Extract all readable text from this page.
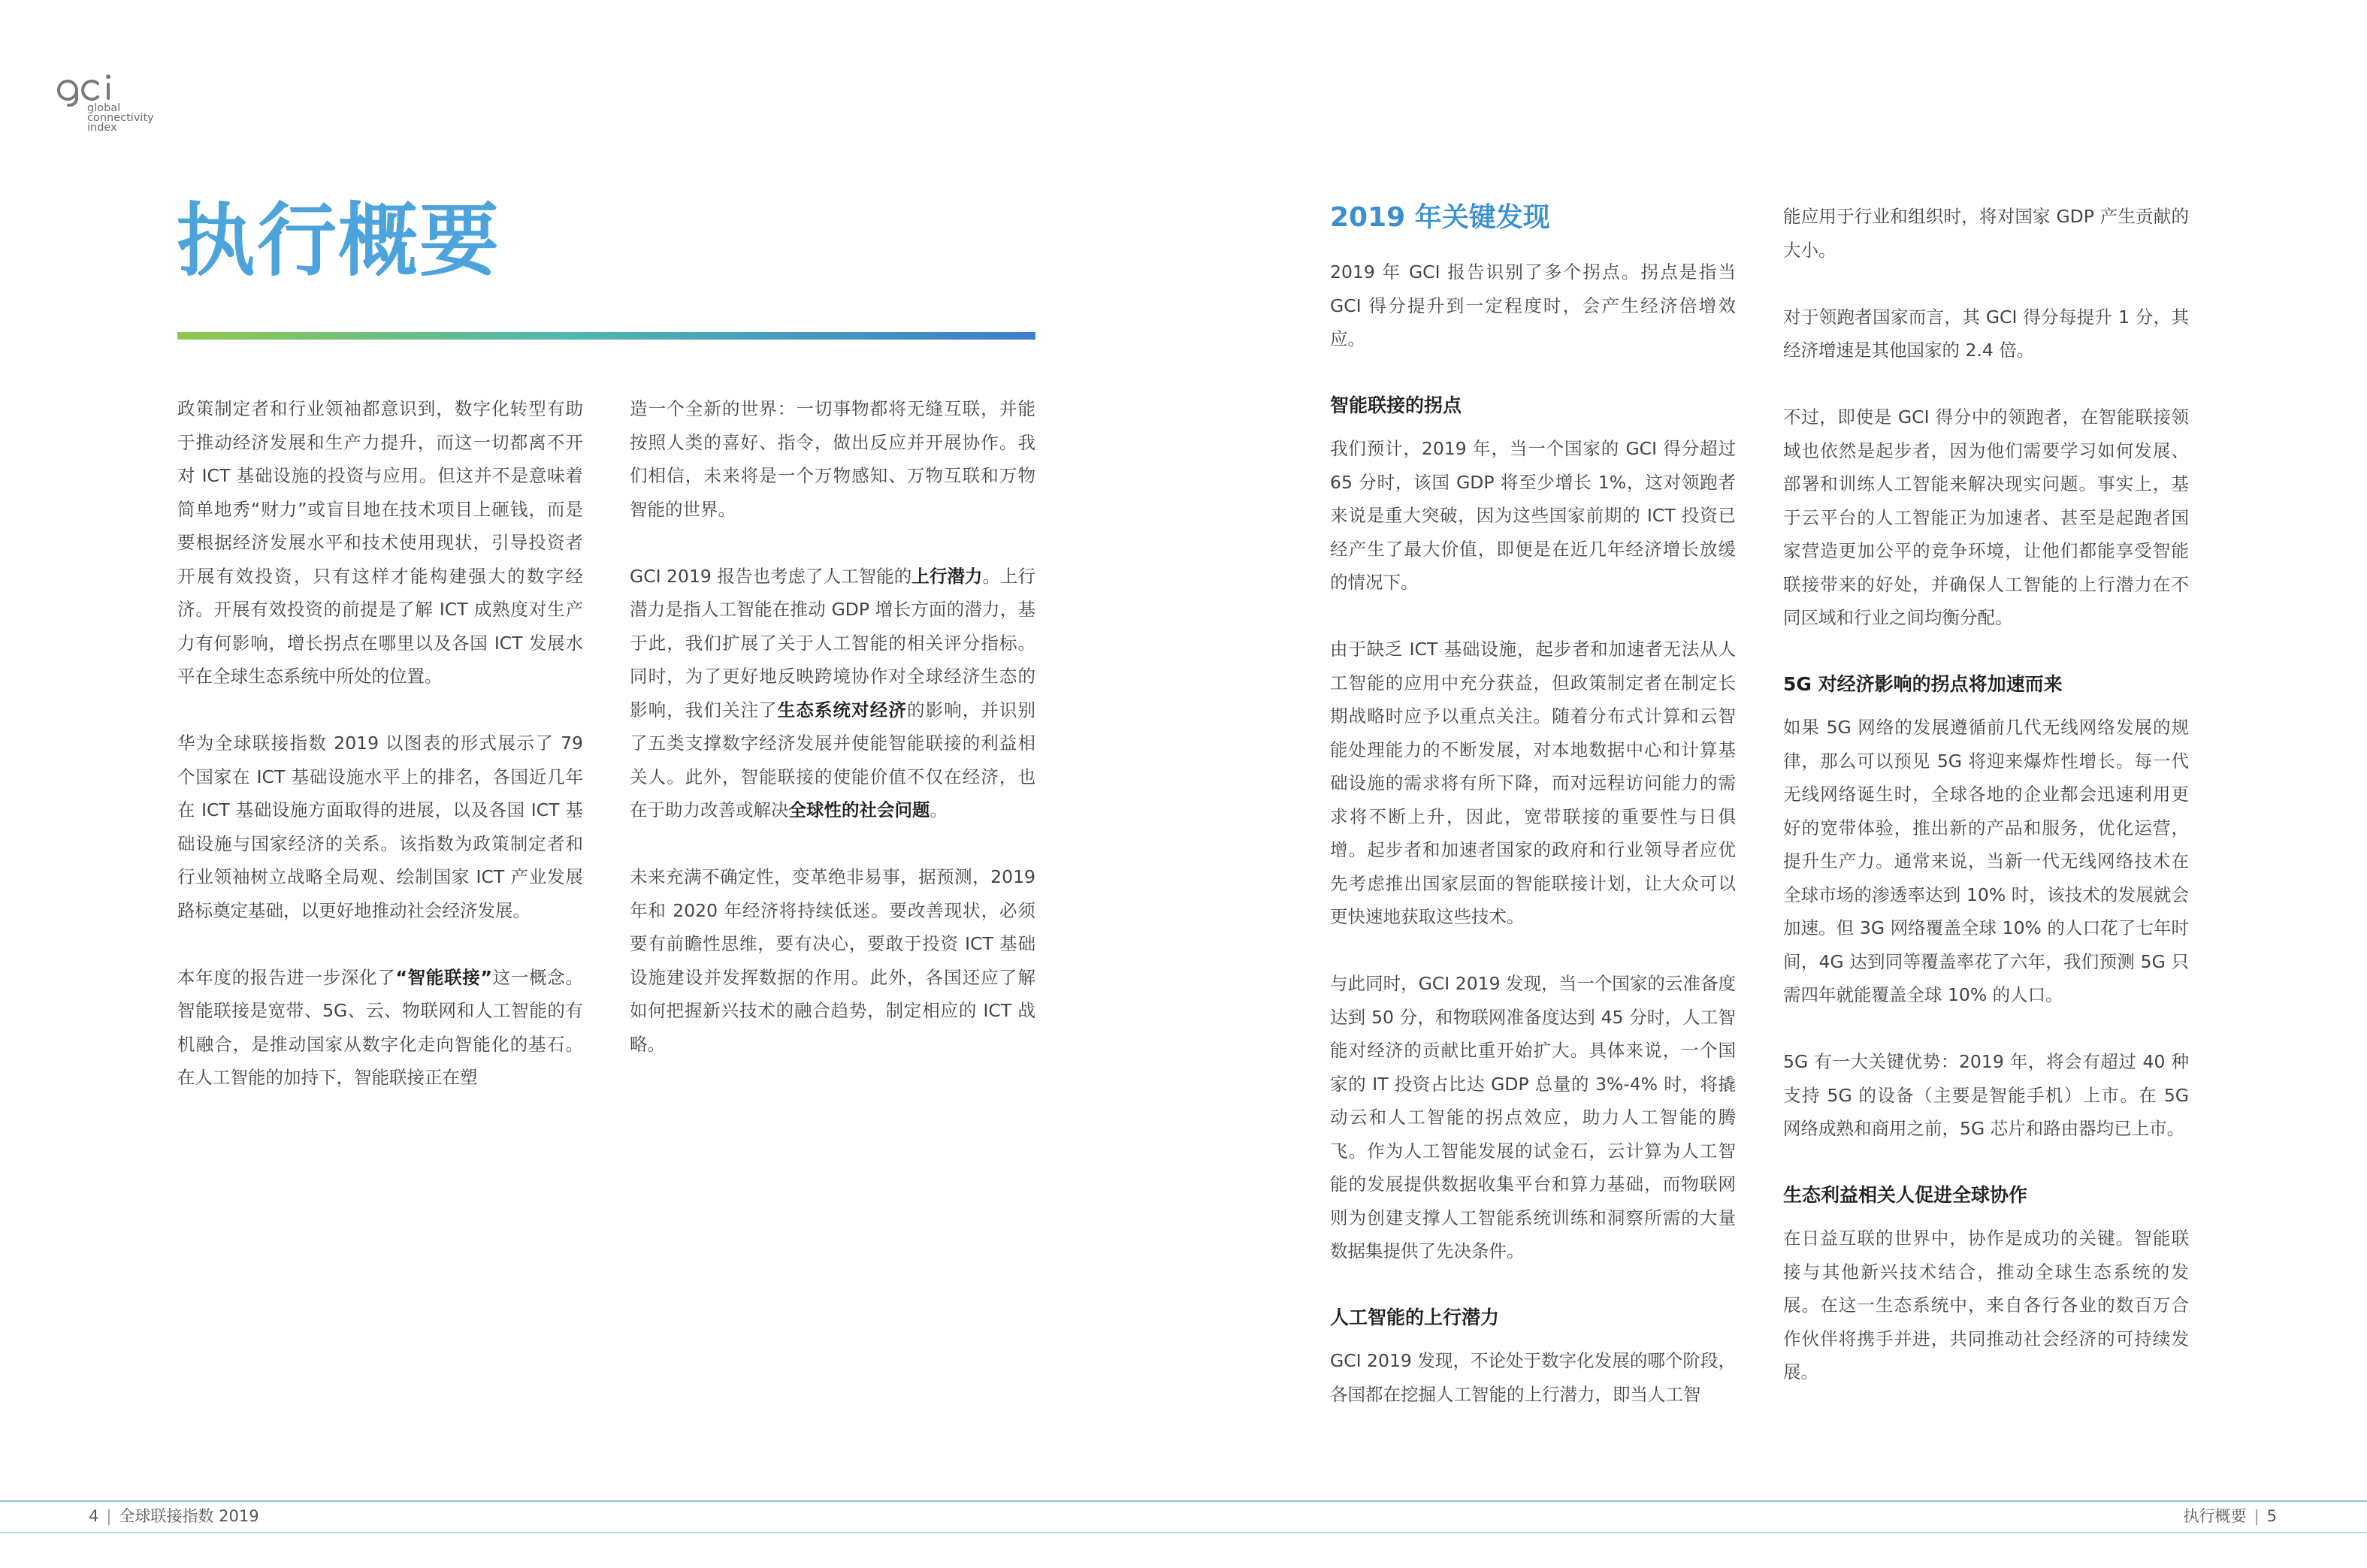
global
connectivity
index
执行概要

政策制定者和行业领袖都意识到，数字化转型有助于推动经济发展和生产力提升，而这一切都离不开对 ICT 基础设施的投资与应用。但这并不是意味着简单地秀“财力”或盲目地在技术项目上砸钱，而是要根据经济发展水平和技术使用现状，引导投资者开展有效投资，只有这样才能构建强大的数字经济。开展有效投资的前提是了解 ICT 成熟度对生产力有何影响，增长拐点在哪里以及各国 ICT 发展水平在全球生态系统中所处的位置。

华为全球联接指数 2019 以图表的形式展示了 79 个国家在 ICT 基础设施水平上的排名，各国近几年在 ICT 基础设施方面取得的进展，以及各国 ICT 基础设施与国家经济的关系。该指数为政策制定者和行业领袖树立战略全局观、绘制国家 ICT 产业发展路标奠定基础，以更好地推动社会经济发展。

本年度的报告进一步深化了“智能联接”这一概念。智能联接是宽带、5G、云、物联网和人工智能的有机融合，是推动国家从数字化走向智能化的基石。在人工智能的加持下，智能联接正在塑

造一个全新的世界：一切事物都将无缝互联，并能按照人类的喜好、指令，做出反应并开展协作。我们相信，未来将是一个万物感知、万物互联和万物智能的世界。

GCI 2019 报告也考虑了人工智能的上行潜力。上行潜力是指人工智能在推动 GDP 增长方面的潜力，基于此，我们扩展了关于人工智能的相关评分指标。同时，为了更好地反映跨境协作对全球经济生态的影响，我们关注了生态系统对经济的影响，并识别了五类支撑数字经济发展并使能智能联接的利益相关人。此外，智能联接的使能价值不仅在经济，也在于助力改善或解决全球性的社会问题。

未来充满不确定性，变革绝非易事，据预测，2019 年和 2020 年经济将持续低迷。要改善现状，必须要有前瞻性思维，要有决心，要敢于投资 ICT 基础设施建设并发挥数据的作用。此外，各国还应了解如何把握新兴技术的融合趋势，制定相应的 ICT 战略。

2019 年关键发现

2019 年 GCI 报告识别了多个拐点。拐点是指当 GCI 得分提升到一定程度时，会产生经济倍增效应。

智能联接的拐点

我们预计，2019 年，当一个国家的 GCI 得分超过 65 分时，该国 GDP 将至少增长 1%，这对领跑者来说是重大突破，因为这些国家前期的 ICT 投资已经产生了最大价值，即便是在近几年经济增长放缓的情况下。

由于缺乏 ICT 基础设施，起步者和加速者无法从人工智能的应用中充分获益，但政策制定者在制定长期战略时应予以重点关注。随着分布式计算和云智能处理能力的不断发展，对本地数据中心和计算基础设施的需求将有所下降，而对远程访问能力的需求将不断上升，因此，宽带联接的重要性与日俱增。起步者和加速者国家的政府和行业领导者应优先考虑推出国家层面的智能联接计划，让大众可以更快速地获取这些技术。

与此同时，GCI 2019 发现，当一个国家的云准备度达到 50 分，和物联网准备度达到 45 分时，人工智能对经济的贡献比重开始扩大。具体来说，一个国家的 IT 投资占比达 GDP 总量的 3%-4% 时，将撬动云和人工智能的拐点效应，助力人工智能的腾飞。作为人工智能发展的试金石，云计算为人工智能的发展提供数据收集平台和算力基础，而物联网则为创建支撑人工智能系统训练和洞察所需的大量数据集提供了先决条件。

人工智能的上行潜力

GCI 2019 发现，不论处于数字化发展的哪个阶段，各国都在挖掘人工智能的上行潜力，即当人工智

能应用于行业和组织时，将对国家 GDP 产生贡献的大小。

对于领跑者国家而言，其 GCI 得分每提升 1 分，其经济增速是其他国家的 2.4 倍。

不过，即使是 GCI 得分中的领跑者，在智能联接领域也依然是起步者，因为他们需要学习如何发展、部署和训练人工智能来解决现实问题。事实上，基于云平台的人工智能正为加速者、甚至是起跑者国家营造更加公平的竞争环境，让他们都能享受智能联接带来的好处，并确保人工智能的上行潜力在不同区域和行业之间均衡分配。

5G 对经济影响的拐点将加速而来

如果 5G 网络的发展遵循前几代无线网络发展的规律，那么可以预见 5G 将迎来爆炸性增长。每一代无线网络诞生时，全球各地的企业都会迅速利用更好的宽带体验，推出新的产品和服务，优化运营，提升生产力。通常来说，当新一代无线网络技术在全球市场的渗透率达到 10% 时，该技术的发展就会加速。但 3G 网络覆盖全球 10% 的人口花了七年时间，4G 达到同等覆盖率花了六年，我们预测 5G 只需四年就能覆盖全球 10% 的人口。

5G 有一大关键优势：2019 年，将会有超过 40 种支持 5G 的设备（主要是智能手机）上市。在 5G 网络成熟和商用之前，5G 芯片和路由器均已上市。

生态利益相关人促进全球协作

在日益互联的世界中，协作是成功的关键。智能联接与其他新兴技术结合，推动全球生态系统的发展。在这一生态系统中，来自各行各业的数百万合作伙伴将携手并进，共同推动社会经济的可持续发展。

4 | 全球联接指数 2019	执行概要 | 5
